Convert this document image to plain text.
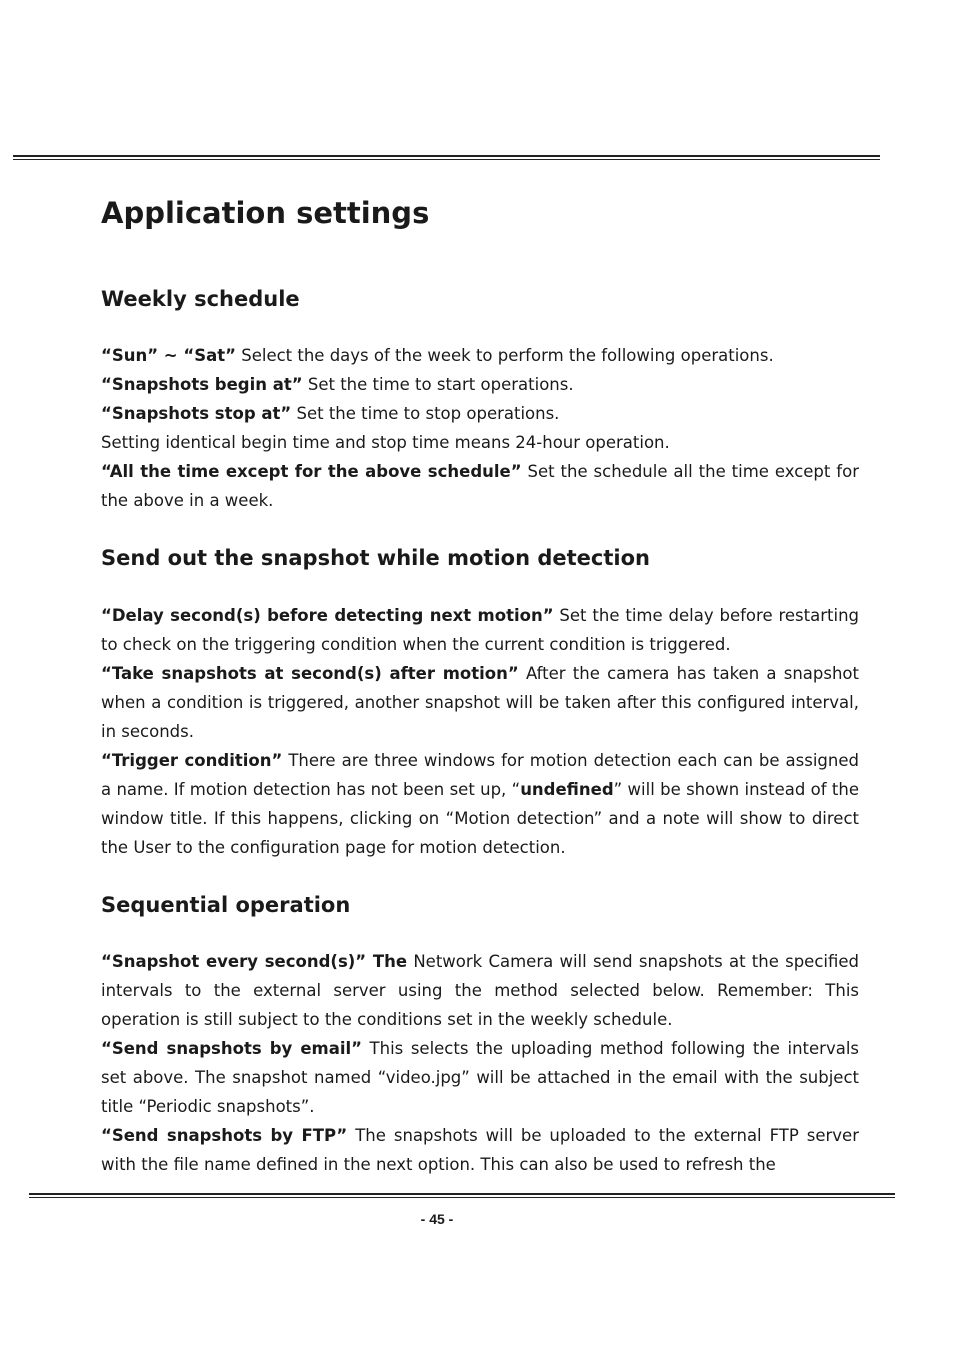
Application settings
Weekly schedule

“Sun” ~ “Sat” Select the days of the week to perform the following operations.

“Snapshots begin at” Set the time to start operations.

“Snapshots stop at” Set the time to stop operations.

Setting identical begin time and stop time means 24-hour operation.

“All the time except for the above schedule” Set the schedule all the time except for the above in a week.

Send out the snapshot while motion detection

“Delay second(s) before detecting next motion” Set the time delay before restarting to check on the triggering condition when the current condition is triggered.

“Take snapshots at second(s) after motion” After the camera has taken a snapshot when a condition is triggered, another snapshot will be taken after this configured interval, in seconds.

“Trigger condition” There are three windows for motion detection each can be assigned a name. If motion detection has not been set up, “undefined” will be shown instead of the window title. If this happens, clicking on “Motion detection” and a note will show to direct the User to the configuration page for motion detection.

Sequential operation

“Snapshot every second(s)” The Network Camera will send snapshots at the specified intervals to the external server using the method selected below. Remember: This operation is still subject to the conditions set in the weekly schedule.

“Send snapshots by email” This selects the uploading method following the intervals set above. The snapshot named “video.jpg” will be attached in the email with the subject title “Periodic snapshots”.

“Send snapshots by FTP” The snapshots will be uploaded to the external FTP server with the file name defined in the next option. This can also be used to refresh the

- 45 -
